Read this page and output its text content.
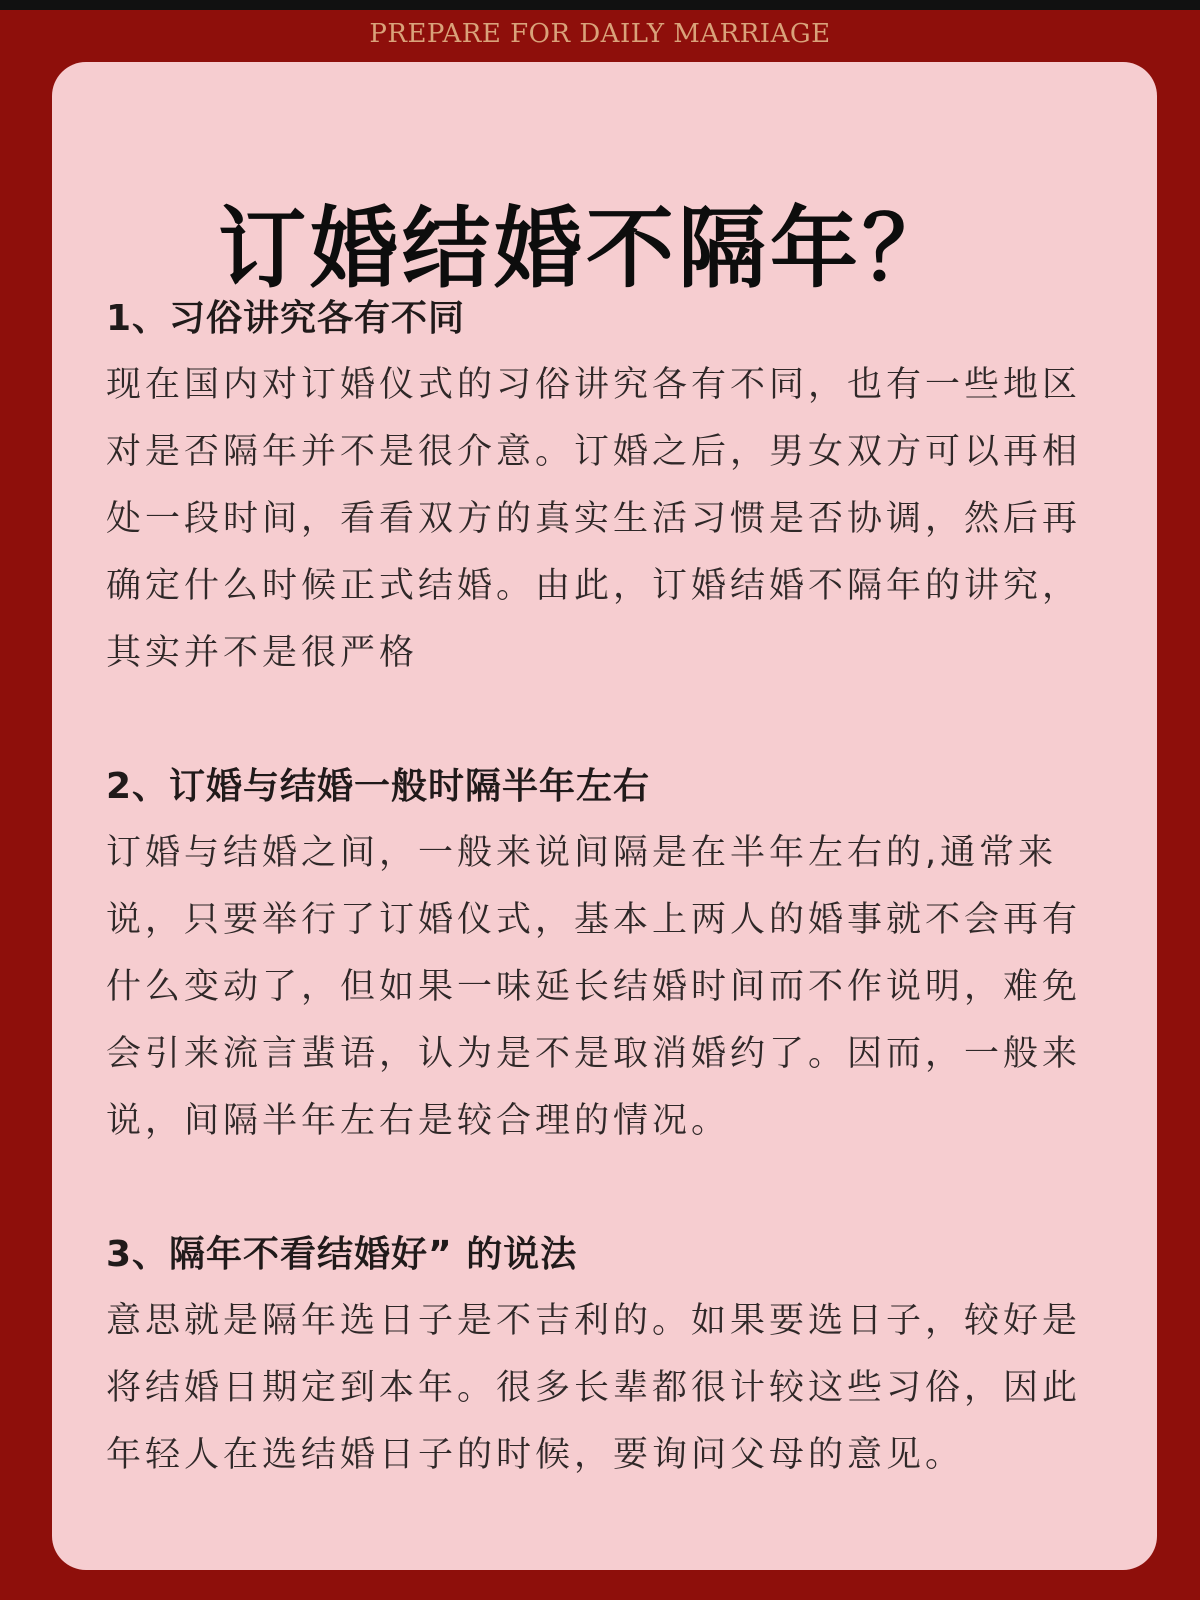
PREPARE FOR DAILY MARRIAGE
订婚结婚不隔年？
1、习俗讲究各有不同

现在国内对订婚仪式的习俗讲究各有不同，也有一些地区对是否隔年并不是很介意。订婚之后，男女双方可以再相处一段时间，看看双方的真实生活习惯是否协调，然后再确定什么时候正式结婚。由此，订婚结婚不隔年的讲究，其实并不是很严格

2、订婚与结婚一般时隔半年左右

订婚与结婚之间，一般来说间隔是在半年左右的,通常来说，只要举行了订婚仪式，基本上两人的婚事就不会再有什么变动了，但如果一味延长结婚时间而不作说明，难免会引来流言蜚语，认为是不是取消婚约了。因而，一般来说，间隔半年左右是较合理的情况。

3、隔年不看结婚好” 的说法

意思就是隔年选日子是不吉利的。如果要选日子，较好是将结婚日期定到本年。很多长辈都很计较这些习俗，因此年轻人在选结婚日子的时候，要询问父母的意见。
